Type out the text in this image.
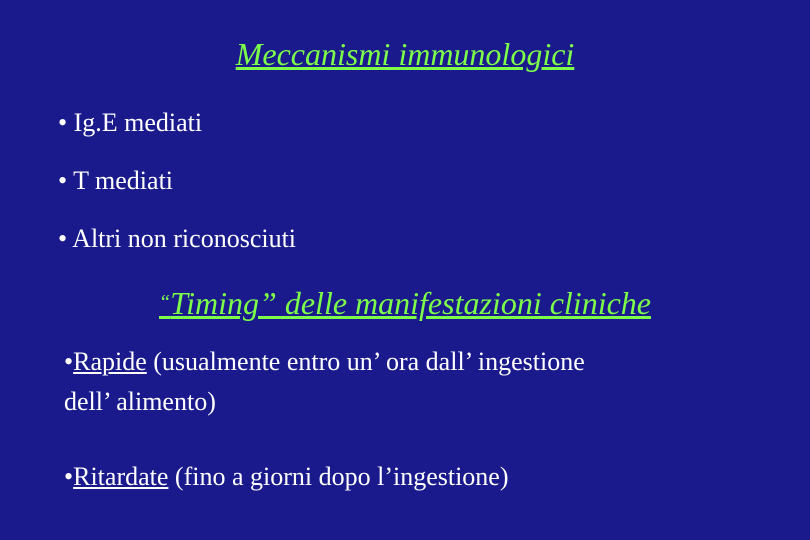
Meccanismi immunologici
• Ig.E mediati
• T mediati
• Altri non riconosciuti
“Timing” delle manifestazioni cliniche
•Rapide (usualmente entro un’ ora dall’ ingestione
dell’ alimento)
•Ritardate (fino a giorni dopo l’ingestione)
